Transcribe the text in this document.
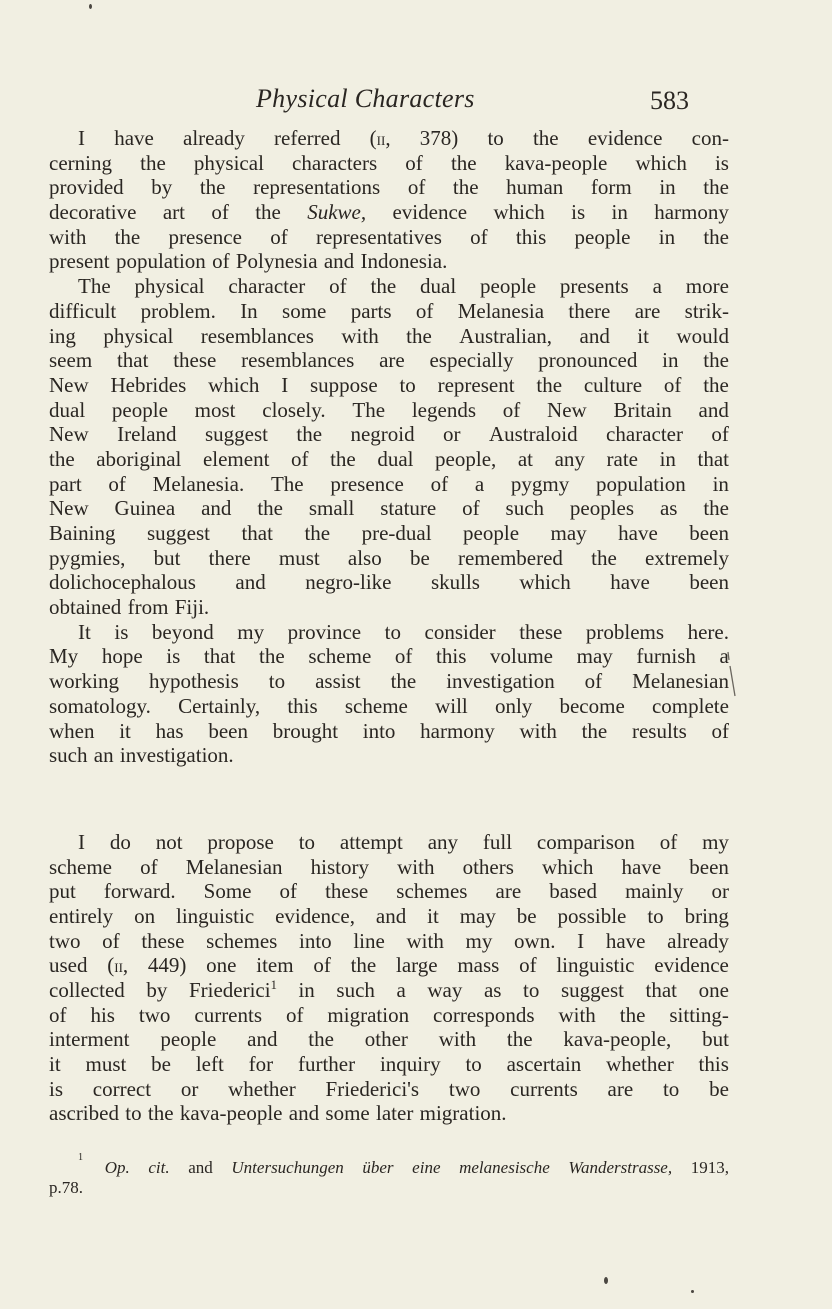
Physical Characters	583
I have already referred (ii, 378) to the evidence con-
cerning the physical characters of the kava-people which is
provided by the representations of the human form in the
decorative art of the Sukwe, evidence which is in harmony
with the presence of representatives of this people in the
present population of Polynesia and Indonesia.
The physical character of the dual people presents a more
difficult problem. In some parts of Melanesia there are strik-
ing physical resemblances with the Australian, and it would
seem that these resemblances are especially pronounced in the
New Hebrides which I suppose to represent the culture of the
dual people most closely. The legends of New Britain and
New Ireland suggest the negroid or Australoid character of
the aboriginal element of the dual people, at any rate in that
part of Melanesia. The presence of a pygmy population in
New Guinea and the small stature of such peoples as the
Baining suggest that the pre-dual people may have been
pygmies, but there must also be remembered the extremely
dolichocephalous and negro-like skulls which have been
obtained from Fiji.
It is beyond my province to consider these problems here.
My hope is that the scheme of this volume may furnish a
working hypothesis to assist the investigation of Melanesian
somatology. Certainly, this scheme will only become complete
when it has been brought into harmony with the results of
such an investigation.
I do not propose to attempt any full comparison of my
scheme of Melanesian history with others which have been
put forward. Some of these schemes are based mainly or
entirely on linguistic evidence, and it may be possible to bring
two of these schemes into line with my own. I have already
used (ii, 449) one item of the large mass of linguistic evidence
collected by Friederici$^1$ in such a way as to suggest that one
of his two currents of migration corresponds with the sitting-
interment people and the other with the kava-people, but
it must be left for further inquiry to ascertain whether this
is correct or whether Friederici's two currents are to be
ascribed to the kava-people and some later migration.
1
Op. cit. and Untersuchungen über eine melanesische Wanderstrasse, 1913,
p. 78.
